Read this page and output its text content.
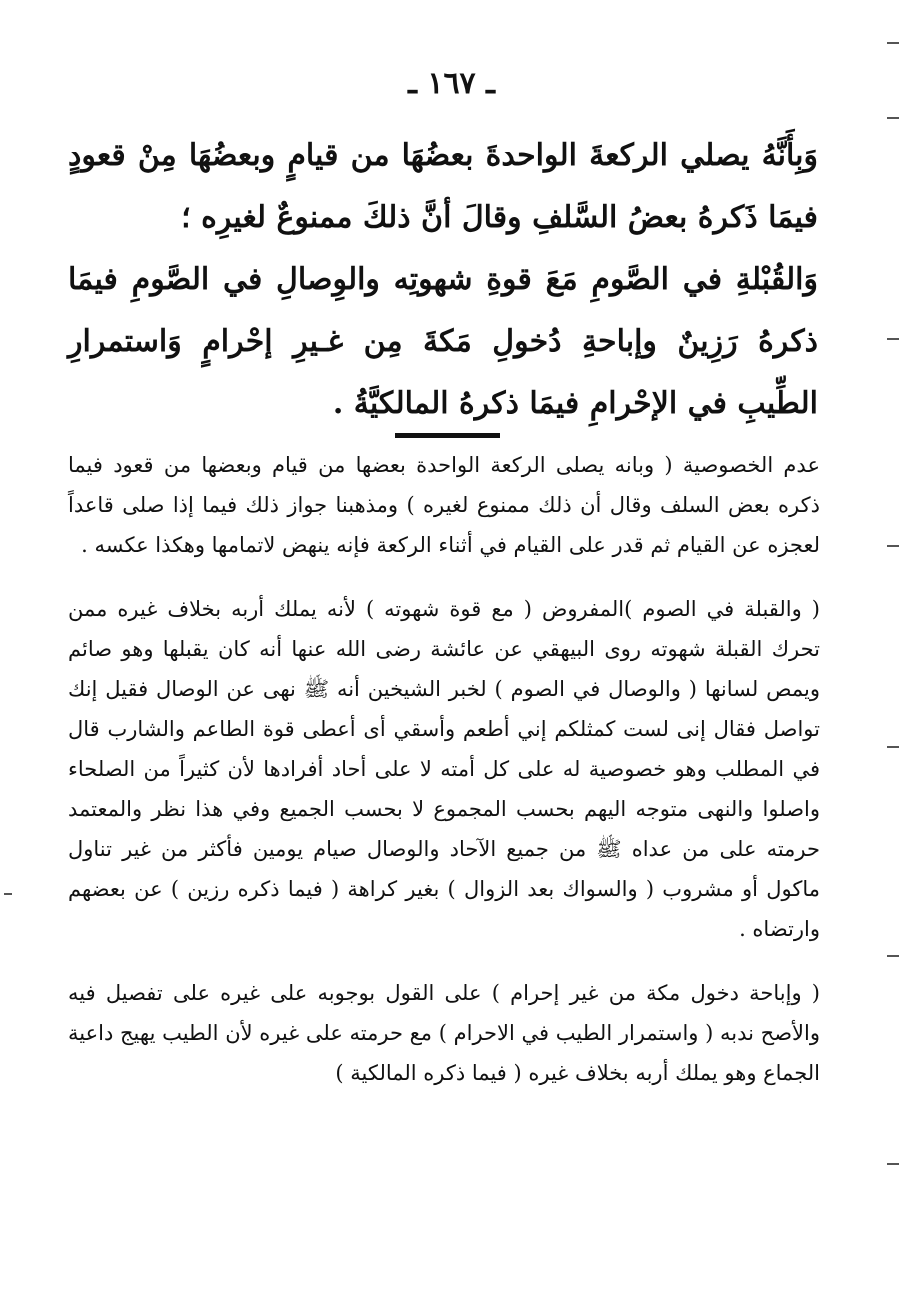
ـ ١٦٧ ـ

وَبِأَنَّهُ يصلي الركعةَ الواحدةَ بعضُهَا من قيامٍ وبعضُهَا مِنْ قعودٍ فيمَا ذَكرهُ بعضُ السَّلفِ وقالَ أنَّ ذلكَ ممنوعٌ لغيرِه ؛

وَالقُبْلةِ في الصَّومِ مَعَ قوةِ شهوتِه والوِصالِ في الصَّومِ فيمَا ذكرهُ رَزِينٌ وإباحةِ دُخولِ مَكةَ مِن غـيرِ إحْرامٍ وَاستمرارِ الطِّيبِ في الإحْرامِ فيمَا ذكرهُ المالكيَّةُ .

عدم الخصوصية ( وبانه يصلى الركعة الواحدة بعضها من قيام وبعضها من قعود فيما ذكره بعض السلف وقال أن ذلك ممنوع لغيره ) ومذهبنا جواز ذلك فيما إذا صلى قاعداً لعجزه عن القيام ثم قدر على القيام في أثناء الركعة فإنه ينهض لاتمامها وهكذا عكسه .

( والقبلة في الصوم )المفروض ( مع قوة شهوته ) لأنه يملك أربه بخلاف غيره ممن تحرك القبلة شهوته روى البيهقي عن عائشة رضى الله عنها أنه كان يقبلها وهو صائم ويمص لسانها ( والوصال في الصوم ) لخبر الشيخين أنه ﷺ نهى عن الوصال فقيل إنك تواصل فقال إنى لست كمثلكم إني أطعم وأسقي أى أعطى قوة الطاعم والشارب قال في المطلب وهو خصوصية له على كل أمته لا على أحاد أفرادها لأن كثيراً من الصلحاء واصلوا والنهى متوجه اليهم بحسب المجموع لا بحسب الجميع وفي هذا نظر والمعتمد حرمته على من عداه ﷺ من جميع الآحاد والوصال صيام يومين فأكثر من غير تناول ماكول أو مشروب ( والسواك بعد الزوال ) بغير كراهة ( فيما ذكره رزين ) عن بعضهم وارتضاه .

( وإباحة دخول مكة من غير إحرام ) على القول بوجوبه على غيره على تفصيل فيه والأصح ندبه ( واستمرار الطيب في الاحرام ) مع حرمته على غيره لأن الطيب يهيج داعية الجماع وهو يملك أربه بخلاف غيره ( فيما ذكره المالكية )
